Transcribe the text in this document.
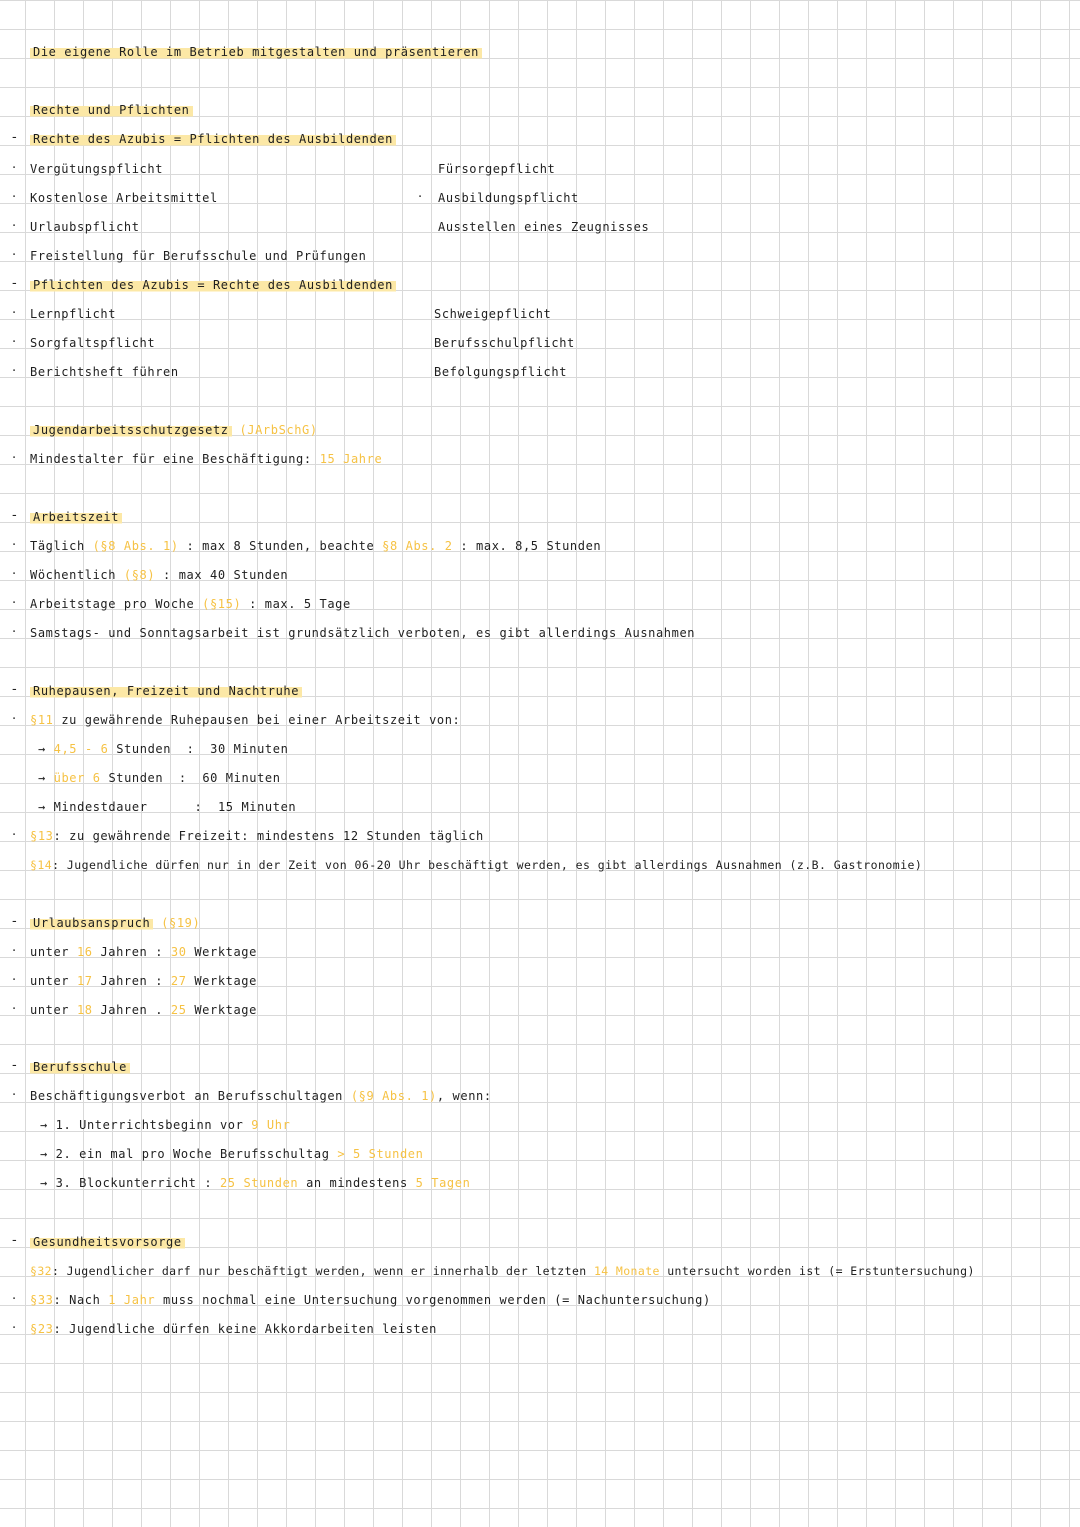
Die eigene Rolle im Betrieb mitgestalten und präsentieren
Rechte und Pflichten
- Rechte des Azubis = Pflichten des Ausbildenden
· Vergütungspflicht
· Kostenlose Arbeitsmittel
· Urlaubspflicht
· Freistellung für Berufsschule und Prüfungen
Fürsorgepflicht
· Ausbildungspflicht
Ausstellen eines Zeugnisses
- Pflichten des Azubis = Rechte des Ausbildenden
· Lernpflicht
· Sorgfaltspflicht
· Berichtsheft führen
Schweigepflicht
Berufsschulpflicht
Befolgungspflicht
Jugendarbeitsschutzgesetz (JArbSchG)
· Mindestalter für eine Beschäftigung: 15 Jahre
- Arbeitszeit
· Täglich (§8 Abs. 1) : max 8 Stunden, beachte §8 Abs. 2 : max. 8,5 Stunden
· Wöchentlich (§8) : max 40 Stunden
· Arbeitstage pro Woche (§15) : max. 5 Tage
· Samstags- und Sonntagsarbeit ist grundsätzlich verboten, es gibt allerdings Ausnahmen
- Ruhepausen, Freizeit und Nachtruhe
· §11 zu gewährende Ruhepausen bei einer Arbeitszeit von:
→ 4,5 - 6 Stunden  :  30 Minuten
→ über 6 Stunden  :  60 Minuten
→ Mindestdauer      :  15 Minuten
· §13: zu gewährende Freizeit: mindestens 12 Stunden täglich
§14: Jugendliche dürfen nur in der Zeit von 06-20 Uhr beschäftigt werden, es gibt allerdings Ausnahmen (z.B. Gastronomie)
- Urlaubsanspruch (§19)
· unter 16 Jahren : 30 Werktage
· unter 17 Jahren : 27 Werktage
· unter 18 Jahren . 25 Werktage
- Berufsschule
· Beschäftigungsverbot an Berufsschultagen (§9 Abs. 1), wenn:
→ 1. Unterrichtsbeginn vor 9 Uhr
→ 2. ein mal pro Woche Berufsschultag > 5 Stunden
→ 3. Blockunterricht : 25 Stunden an mindestens 5 Tagen
- Gesundheitsvorsorge
§32: Jugendlicher darf nur beschäftigt werden, wenn er innerhalb der letzten 14 Monate untersucht worden ist (= Erstuntersuchung)
· §33: Nach 1 Jahr muss nochmal eine Untersuchung vorgenommen werden (= Nachuntersuchung)
· §23: Jugendliche dürfen keine Akkordarbeiten leisten
